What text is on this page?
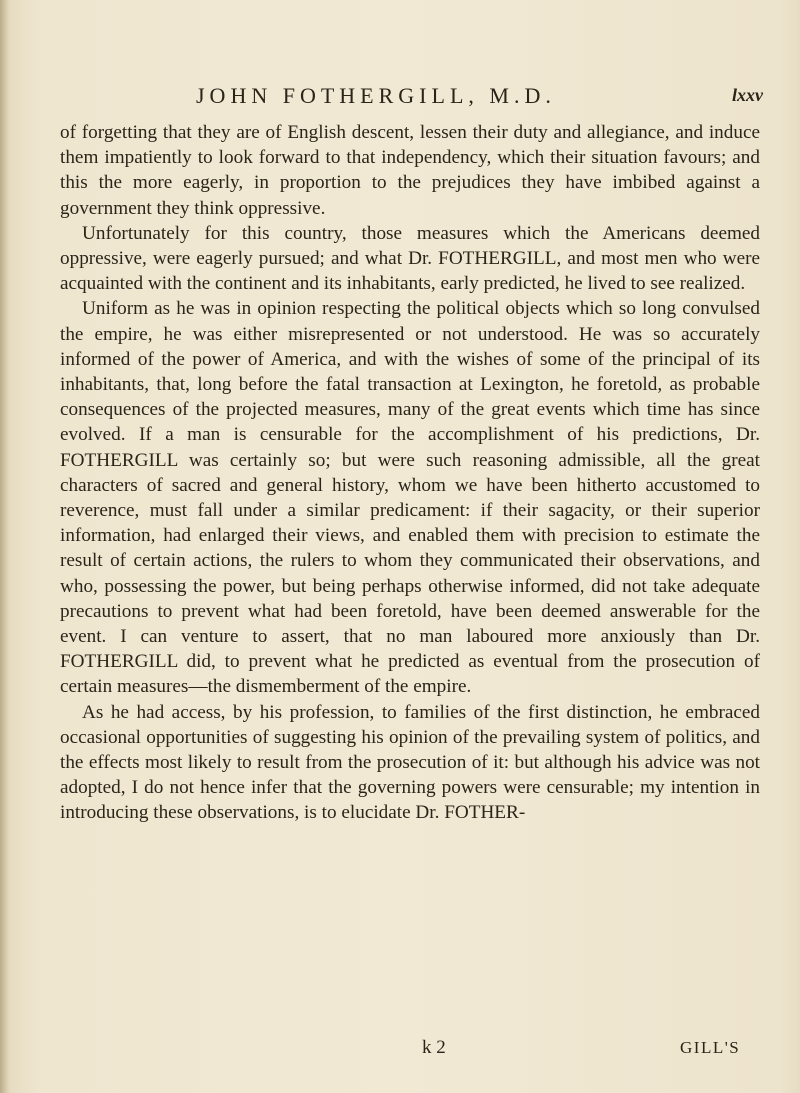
JOHN FOTHERGILL, M.D.	lxxv

of forgetting that they are of English descent, lessen their duty and allegiance, and induce them impatiently to look forward to that independency, which their situation favours; and this the more eagerly, in proportion to the prejudices they have imbibed against a government they think oppressive.

Unfortunately for this country, those measures which the Americans deemed oppressive, were eagerly pursued; and what Dr. FOTHERGILL, and most men who were acquainted with the continent and its inhabitants, early predicted, he lived to see realized.

Uniform as he was in opinion respecting the political objects which so long convulsed the empire, he was either misrepresented or not understood. He was so accurately informed of the power of America, and with the wishes of some of the principal of its inhabitants, that, long before the fatal transaction at Lexington, he foretold, as probable consequences of the projected measures, many of the great events which time has since evolved. If a man is censurable for the accomplishment of his predictions, Dr. FOTHERGILL was certainly so; but were such reasoning admissible, all the great characters of sacred and general history, whom we have been hitherto accustomed to reverence, must fall under a similar predicament: if their sagacity, or their superior information, had enlarged their views, and enabled them with precision to estimate the result of certain actions, the rulers to whom they communicated their observations, and who, possessing the power, but being perhaps otherwise informed, did not take adequate precautions to prevent what had been foretold, have been deemed answerable for the event. I can venture to assert, that no man laboured more anxiously than Dr. FOTHERGILL did, to prevent what he predicted as eventual from the prosecution of certain measures—the dismemberment of the empire.

As he had access, by his profession, to families of the first distinction, he embraced occasional opportunities of suggesting his opinion of the prevailing system of politics, and the effects most likely to result from the prosecution of it: but although his advice was not adopted, I do not hence infer that the governing powers were censurable; my intention in introducing these observations, is to elucidate Dr. FOTHER-

k 2	GILL'S
